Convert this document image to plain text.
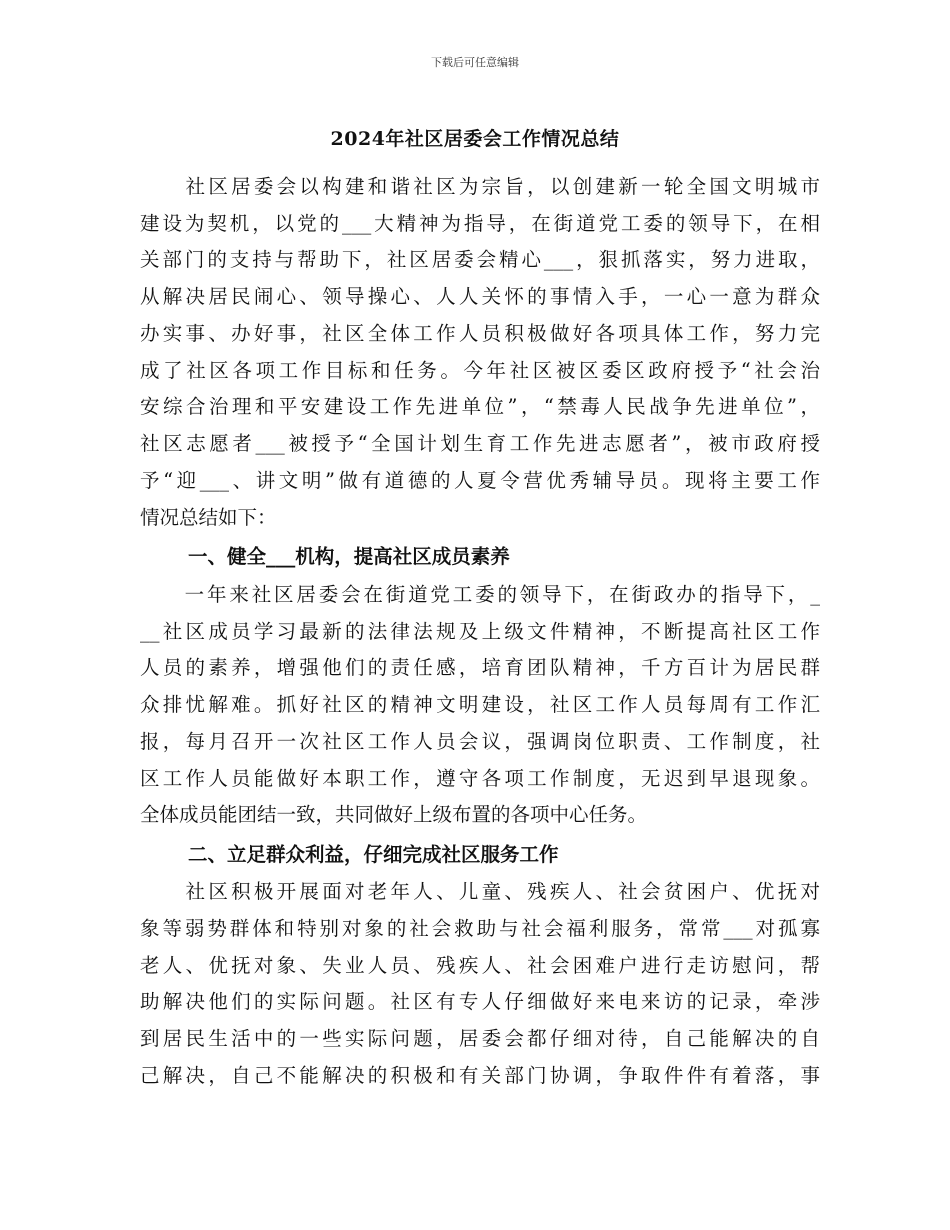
下载后可任意编辑
2024年社区居委会工作情况总结
　　社区居委会以构建和谐社区为宗旨，以创建新一轮全国文明城市
建设为契机，以党的___大精神为指导，在街道党工委的领导下，在相
关部门的支持与帮助下，社区居委会精心___，狠抓落实，努力进取，
从解决居民闹心、领导操心、人人关怀的事情入手，一心一意为群众
办实事、办好事，社区全体工作人员积极做好各项具体工作，努力完
成了社区各项工作目标和任务。今年社区被区委区政府授予“社会治
安综合治理和平安建设工作先进单位”，“禁毒人民战争先进单位”，
社区志愿者___被授予“全国计划生育工作先进志愿者”，被市政府授
予“迎___、讲文明”做有道德的人夏令营优秀辅导员。现将主要工作
情况总结如下：
一、健全___机构，提高社区成员素养
　　一年来社区居委会在街道党工委的领导下，在街政办的指导下，_
__社区成员学习最新的法律法规及上级文件精神，不断提高社区工作
人员的素养，增强他们的责任感，培育团队精神，千方百计为居民群
众排忧解难。抓好社区的精神文明建设，社区工作人员每周有工作汇
报，每月召开一次社区工作人员会议，强调岗位职责、工作制度，社
区工作人员能做好本职工作，遵守各项工作制度，无迟到早退现象。
全体成员能团结一致，共同做好上级布置的各项中心任务。
二、立足群众利益，仔细完成社区服务工作
　　社区积极开展面对老年人、儿童、残疾人、社会贫困户、优抚对
象等弱势群体和特别对象的社会救助与社会福利服务，常常___对孤寡
老人、优抚对象、失业人员、残疾人、社会困难户进行走访慰问，帮
助解决他们的实际问题。社区有专人仔细做好来电来访的记录，牵涉
到居民生活中的一些实际问题，居委会都仔细对待，自己能解决的自
己解决，自己不能解决的积极和有关部门协调，争取件件有着落，事
